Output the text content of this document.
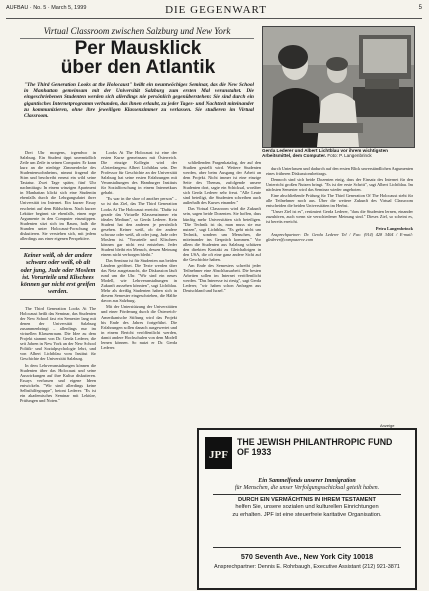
AUFBAU · No. 5 · March 5, 1999	DIE GEGENWART	5
Virtual Classroom zwischen Salzburg und New York
Per Mausklick
über den Atlantik
"The Third Generation Looks at the Holocaust" heißt ein neuntwöchiges Seminar, das die New School in Manhattan gemeinsam mit der Universität Salzburg zum ersten Mal veranstaltet. Die eingeschriebenen Studenten werden sich allerdings nie persönlich gegenüberstehen: Sie sind durch ein gigantisches Internetprogramm verbunden, das ihnen erlaubt, zu jeder Tages- und Nachtzeit miteinander zu kommunizieren, ohne ihre jeweiligen Klassenzimmer zu verlassen. Sie studieren im Virtual Classroom.
Gerda Lederer und Albert Lichtblau vor ihrem wichtigsten Arbeitsmittel, dem Computer. Foto: P. Langenbrinck

Drei Uhr morgens, irgendwo in Salzburg. Ein Student tippt unermüdlich Zeile um Zeile in seinen Computer. Er kann kurz an die niedrige Zimmerdecke des Studentenwohnheims, nimmt fragend die Stirn und beschreibt erneut ein wild seine Tastatur. Zwei Tage später, fünf Uhr nachmittags: In einem winzigen Apartment in Manhattan klickt sich eine Studentin ebenfalls durch die Lehrgangsdatei ihrer Universität im Internet. Ein kurzer Essay erscheint auf dem Bildschirm. Nach kurzer Lektüre beginnt sie ebenfalls, einen rege Argumente in den Computer einzutippen. Studenten sitzt sich im Raum, halb die Stunden unter Holocaust-Forschung zu diskutieren. Sie verstehen sich, mit jedem allerdings aus einer eigenen Perspektive.

Keiner weiß, ob der andere schwarz oder weiß, ob alt oder jung, Jude oder Moslem ist. Vorurteile und Klischees können gar nicht erst greifen werden.

The Third Generation Looks At The Holocaust heißt das Seminar, das Studenten der New School fast ein Semester lang mit denen der Universität Salzburg zusammenbringt – allerdings nur im virtuellen Klassenraum. Die Idee zu dem Projekt stammt von Dr. Gerda Lederer, die seit Jahren in New York an der New School Politik- und Sozialpsychologie lehrt, und von Albert Lichtblau vom Institut für Geschichte der Universität Salzburg.

In dem Lehrveranstaltungen können die Studenten über das Holocaust und seine Auswirkungen auf ihre Kultur diskutieren. Essays verfassen und eigene Ideen entwickeln. "Wir sind allerdings keine Selbsthilfegruppe", betont Lederer. "Es ist ein akademisches Seminar mit Lektüre, Prüfungen und Noten."

Looks At The Holocaust ist eine der ersten Kurse gemeinsam mit Österreich. Die einzige Kollegin wird der »Unterfangen« Albert Lichtblau sein. Der Professor für Geschichte an der Universität Salzburg hat seine ersten Erfahrungen mit Veranstaltungen des Hamburger Instituts für Sozialforschung in einem Internetkurs gehabt.

"Es war in the shoe of another person" – so ist das Ziel, das The Third Generation Looks At The Holocaust erreicht. "Dafür ist gerade das Virtuelle Klassenzimmer ein ideales Medium", so Gerda Lederer. Kein Student hat den anderen je persönlich gesehen. Keiner weiß, ob der andere schwarz oder weiß, alt oder jung, Jude oder Moslem ist. "Vorurteile und Klischees können gar nicht erst entstehen. Jeder Student bleibt ein Mensch, dessen Meinung einem nicht verborgen bleibt."

Das Seminar ist für Studenten aus beiden Ländern geöffnet. Die Texte werden über das Netz ausgetauscht, die Diskussion läuft rund um die Uhr. "Wir sind ein neues Modell, wie Lehrveranstaltungen in Zukunft aussehen könnten", sagt Lichtblau. Mehr als dreißig Studenten haben sich in diesem Semester eingeschrieben, die Hälfte davon aus Salzburg.

Mit der Unterstützung der Universitäten und einer Förderung durch die Österreich-Amerikanische Stiftung wird das Projekt bis Ende des Jahres fortgeführt. Die Erfahrungen sollen danach ausgewertet und in einem Bericht veröffentlicht werden, damit andere Hochschulen von dem Modell lernen können. So nutzt er Dr. Gerda Lederer.

schließenden Fragenkatalog, der auf den Studien gestellt wird. Weitere Studenten werden, aber beim Ausgang der Arbeit an dem Projekt. Nicht immer ist eine einzige Seite des Themas, zufolgende unsere Studenten dort, sagte ein Schicksal, worüber sich Gerda Lederer sehr freut. "Alle Leute sind beteiligt, die Studenten schreiben auch außerhalb des Kurses einander."

Das Virtual Classroom wird die Zukunft sein, sagen beide Dozenten. Sie hoffen, dass künftig mehr Universitäten sich beteiligen. "Die Technik ist da, man muss sie nur nutzen", sagt Lichtblau. "Es geht nicht um Technik, sondern um Menschen, die miteinander ins Gespräch kommen." Vor allem die Studenten aus Salzburg schätzen den direkten Kontakt zu Gleichaltrigen in den USA, die oft eine ganz andere Sicht auf die Geschichte haben.

Am Ende des Semesters schreibt jeder Teilnehmer eine Abschlussarbeit. Die besten Arbeiten sollen im Internet veröffentlicht werden. "Das Interesse ist riesig", sagt Gerda Lederer, "wir haben schon Anfragen aus Deutschland und Israel."

durch Unterlassen und dadurch auf den ersten Blick unverständlichen Argumenten eines früheren Diskussionsbeitrags.

Dennoch sind sich beide Dozenten einig, dass der Einsatz des Internet für den Unterricht großen Nutzen bringt. "Es ist der erste Schritt", sagt Albert Lichtblau. Im nächsten Semester wird das Seminar wieder angeboten.

Eine abschließende Prüfung für The Third Generation Of The Holocaust steht für alle Teilnehmer noch aus. Über die weitere Zukunft des Virtual Classroom entscheiden die beiden Universitäten im Herbst.

"Unser Ziel ist es", resümiert Gerda Lederer, "dass die Studenten lernen, einander zuzuhören, auch wenn sie verschiedener Meinung sind." Dieses Ziel, so scheint es, ist bereits erreicht.

Petra Langenbrinck

Ansprechpartner: Dr. Gerda Lederer Tel / Fax: (914) 428 3404 / E-mail: glederer@compuserve.com

Anzeige
JPF
THE JEWISH PHILANTHROPIC FUND
OF 1933
Ein Sammelfonds unserer Immigration
für Menschen, die unser Verfolgungsschicksal geteilt haben.
DURCH EIN VERMÄCHTNIS IN IHREM TESTAMENT
helfen Sie, unsere sozialen und kulturellen Einrichtungen
zu erhalten. JPF ist eine steuerfreie karitative Organisation.
570 Seventh Ave., New York City 10018
Ansprechpartner: Dennis E. Rohrbaugh, Executive Assistant (212) 921-3871
